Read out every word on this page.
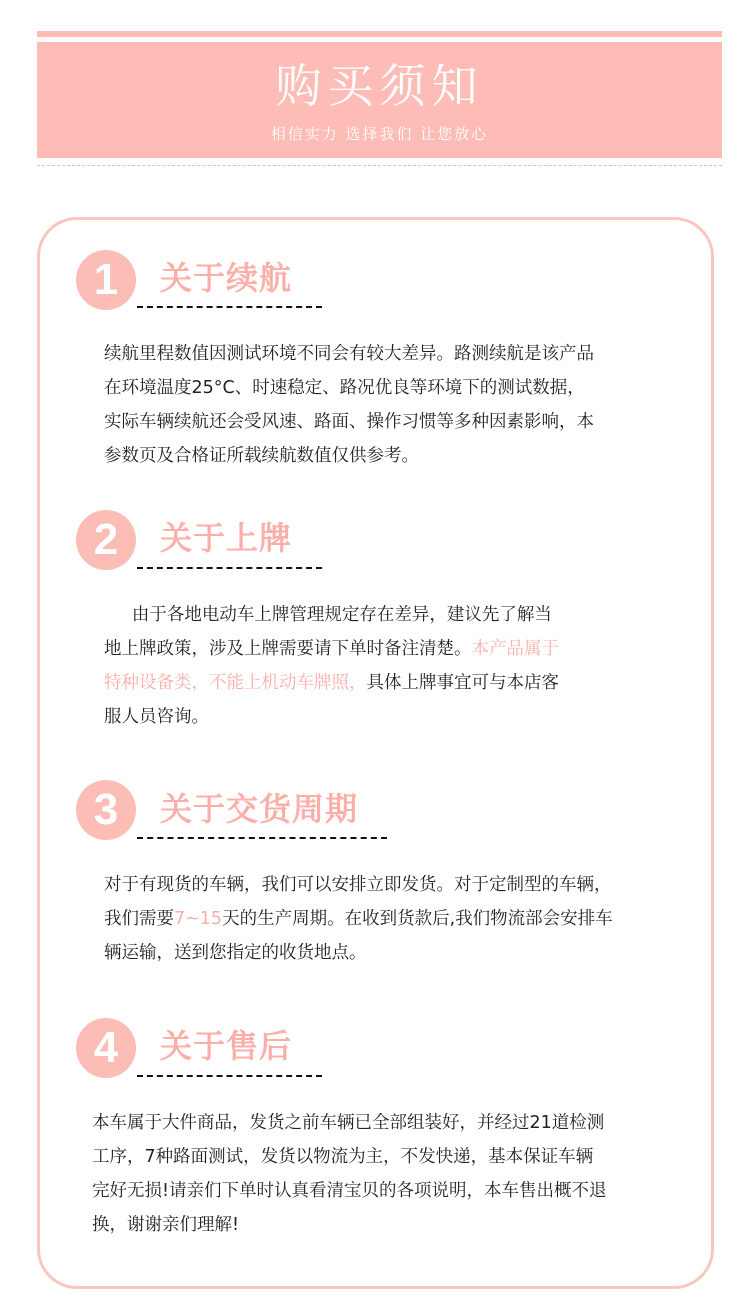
购买须知
相信实力 选择我们 让您放心
1	关于续航

续航里程数值因测试环境不同会有较大差异。路测续航是该产品

在环境温度25°C、时速稳定、路况优良等环境下的测试数据，

实际车辆续航还会受风速、路面、操作习惯等多种因素影响，本

参数页及合格证所载续航数值仅供参考。

2	关于上牌

由于各地电动车上牌管理规定存在差异，建议先了解当

地上牌政策，涉及上牌需要请下单时备注清楚。本产品属于

特种设备类，不能上机动车牌照，具体上牌事宜可与本店客

服人员咨询。

3	关于交货周期

对于有现货的车辆，我们可以安排立即发货。对于定制型的车辆，

我们需要7~15天的生产周期。在收到货款后,我们物流部会安排车

辆运输，送到您指定的收货地点。

4	关于售后

本车属于大件商品，发货之前车辆已全部组装好，并经过21道检测

工序，7种路面测试，发货以物流为主，不发快递，基本保证车辆

完好无损!请亲们下单时认真看清宝贝的各项说明，本车售出概不退

换，谢谢亲们理解!
